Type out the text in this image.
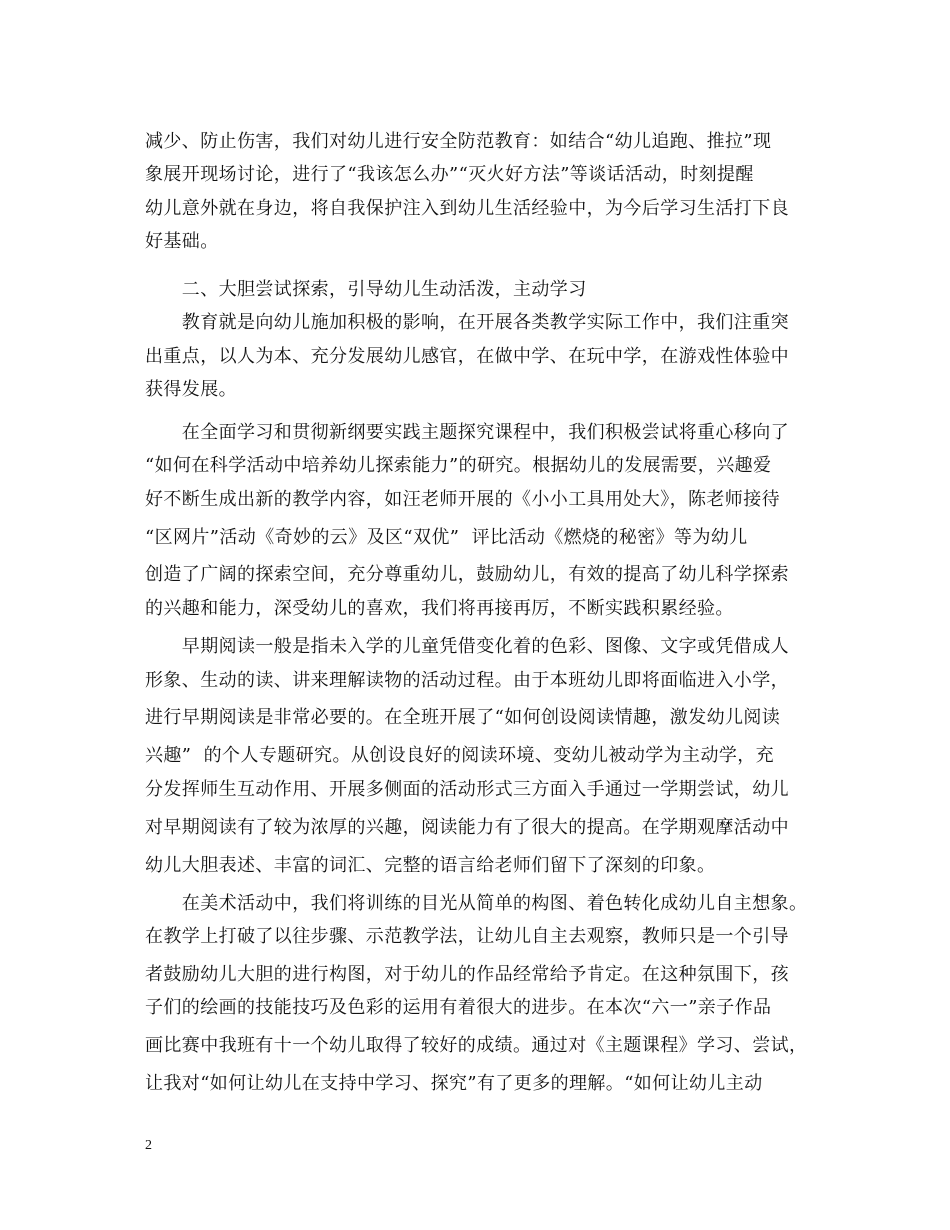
减少、防止伤害，我们对幼儿进行安全防范教育：如结合“幼儿追跑、推拉”现
象展开现场讨论，进行了“我该怎么办”“灭火好方法”等谈话活动，时刻提醒
幼儿意外就在身边，将自我保护注入到幼儿生活经验中，为今后学习生活打下良
好基础。
　　二、大胆尝试探索，引导幼儿生动活泼，主动学习
　　教育就是向幼儿施加积极的影响，在开展各类教学实际工作中，我们注重突
出重点，以人为本、充分发展幼儿感官，在做中学、在玩中学，在游戏性体验中
获得发展。
　　在全面学习和贯彻新纲要实践主题探究课程中，我们积极尝试将重心移向了
“如何在科学活动中培养幼儿探索能力”的研究。根据幼儿的发展需要，兴趣爱
好不断生成出新的教学内容，如汪老师开展的《小小工具用处大》，陈老师接待
“区网片”活动《奇妙的云》及区“双优”  评比活动《燃烧的秘密》等为幼儿
创造了广阔的探索空间，充分尊重幼儿，鼓励幼儿，有效的提高了幼儿科学探索
的兴趣和能力，深受幼儿的喜欢，我们将再接再厉，不断实践积累经验。
　　早期阅读一般是指未入学的儿童凭借变化着的色彩、图像、文字或凭借成人
形象、生动的读、讲来理解读物的活动过程。由于本班幼儿即将面临进入小学，
进行早期阅读是非常必要的。在全班开展了“如何创设阅读情趣，激发幼儿阅读
兴趣”  的个人专题研究。从创设良好的阅读环境、变幼儿被动学为主动学，充
分发挥师生互动作用、开展多侧面的活动形式三方面入手通过一学期尝试，幼儿
对早期阅读有了较为浓厚的兴趣，阅读能力有了很大的提高。在学期观摩活动中
幼儿大胆表述、丰富的词汇、完整的语言给老师们留下了深刻的印象。
　　在美术活动中，我们将训练的目光从简单的构图、着色转化成幼儿自主想象。
在教学上打破了以往步骤、示范教学法，让幼儿自主去观察，教师只是一个引导
者鼓励幼儿大胆的进行构图，对于幼儿的作品经常给予肯定。在这种氛围下，孩
子们的绘画的技能技巧及色彩的运用有着很大的进步。在本次“六一”亲子作品
画比赛中我班有十一个幼儿取得了较好的成绩。通过对《主题课程》学习、尝试，
让我对“如何让幼儿在支持中学习、探究”有了更多的理解。“如何让幼儿主动
2
